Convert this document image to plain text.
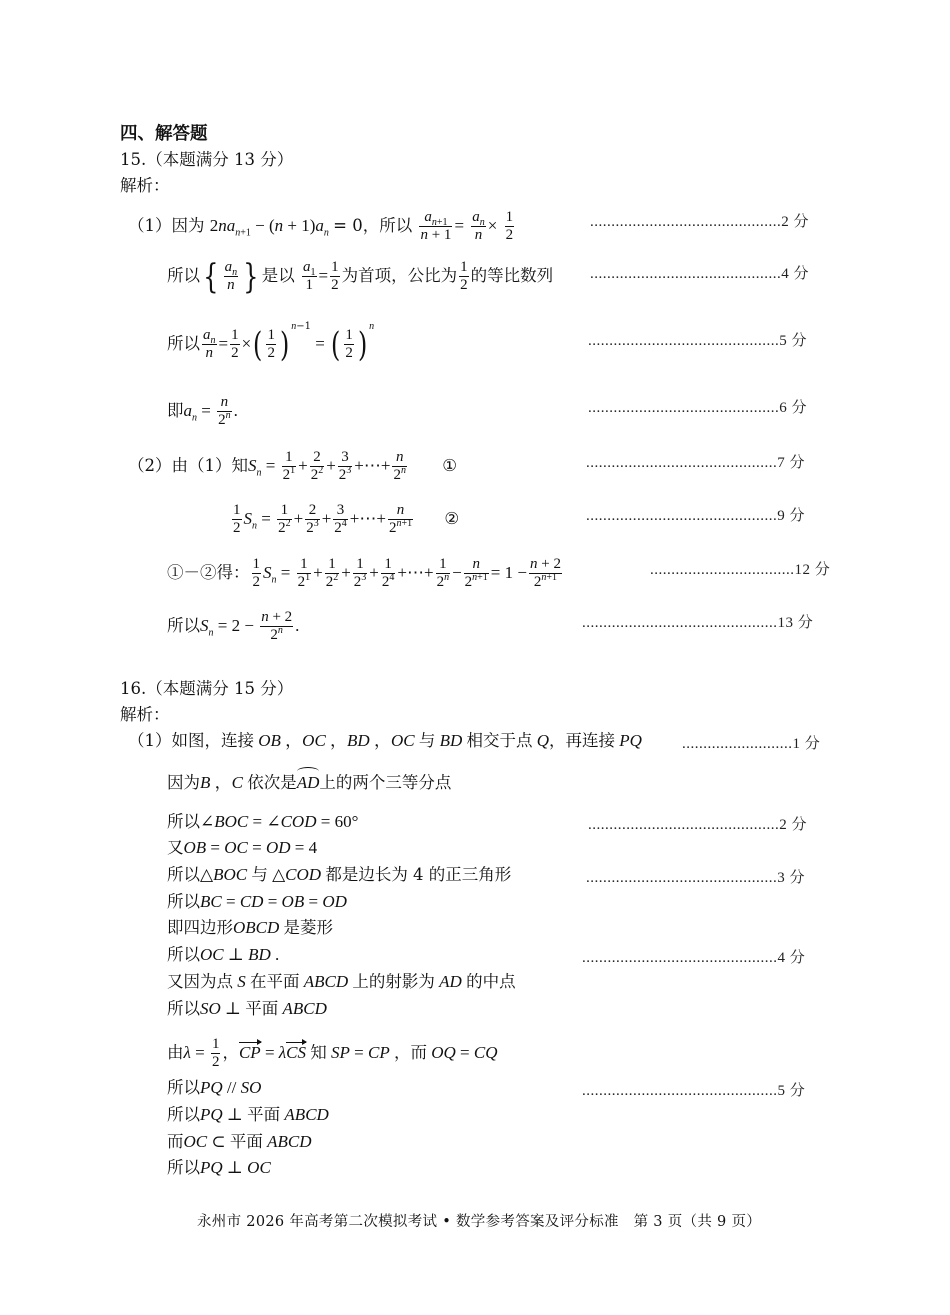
四、解答题
15.（本题满分 13 分）
解析：
（1）因为 $2na_{n+1} - (n + 1)a_n = 0$，所以 $\frac{a_{n+1}}{n + 1} = \frac{a_n}{n} \times \frac{1}{2}$	.............................................2 分
所以{ $\frac{a_n}{n}$ } 是以 $\frac{a_1}{1} = \frac{1}{2}$ 为首项，公比为 $\frac{1}{2}$ 的等比数列 .............................................4 分
所以 $\frac{a_n}{n} = \frac{1}{2}$ ×( $\frac{1}{2}$ ) $^{n-1}$ = ( $\frac{1}{2}$ ) $^n$
.............................................5 分
即$a_n = \frac{n}{2^n}$ .	.............................................6 分
（2）由（1）知$S_n = \frac{1}{2^1} + \frac{2}{2^2} + \frac{3}{2^3}$ +⋯+ $\frac{n}{2^n}$ ①	.............................................7 分
$\frac{1}{2} S_n = \frac{1}{2^2} + \frac{2}{2^3} + \frac{3}{2^4}$ +⋯+ $\frac{n}{2^{n+1}}$ ②	.............................................9 分
①－②得： $\frac{1}{2} S_n = \frac{1}{2^1} + \frac{1}{2^2} + \frac{1}{2^3} + \frac{1}{2^4}$ +⋯+ $\frac{1}{2^n} - \frac{n}{2^{n+1}} = 1 - \frac{n + 2}{2^{n+1}}$	..................................12 分
所以$S_n = 2 - \frac{n + 2}{2^n}$ .	..............................................13 分
16.（本题满分 15 分）
解析：
（1）如图，连接 OB ，OC ，BD ，OC 与 BD 相交于点 Q，再连接 PQ	..........................1 分
因为B ，C 依次是AD上的两个三等分点
所以∠BOC = ∠COD = 60°	.............................................2 分
又OB = OC = OD = 4
所以△BOC 与 △COD 都是边长为 4 的正三角形	.............................................3 分
所以BC = CD = OB = OD
即四边形OBCD 是菱形
所以OC ⊥ BD .	..............................................4 分
又因为点 S 在平面 ABCD 上的射影为 AD 的中点
所以SO ⊥ 平面 ABCD
由$\lambda = \frac{1}{2}$ ，CP = λCS 知 SP = CP ，而 OQ = CQ
所以PQ // SO	..............................................5 分
所以PQ ⊥ 平面 ABCD
而OC ⊂ 平面 ABCD
所以PQ ⊥ OC
永州市 2026 年高考第二次模拟考试 • 数学参考答案及评分标准　第 3 页（共 9 页）
